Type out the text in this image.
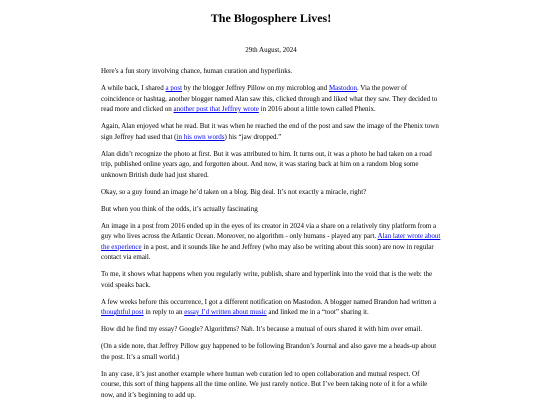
The Blogosphere Lives!
29th August, 2024

Here's a fun story involving chance, human curation and hyperlinks.

A while back, I shared a post by the blogger Jeffrey Pillow on my microblog and Mastodon. Via the power of coincidence or hashtag, another blogger named Alan saw this, clicked through and liked what they saw. They decided to read more and clicked on another post that Jeffrey wrote in 2016 about a little town called Phenix.

Again, Alan enjoyed what he read. But it was when he reached the end of the post and saw the image of the Phenix town sign Jeffrey had used that (in his own words) his “jaw dropped.”

Alan didn’t recognize the photo at first. But it was attributed to him. It turns out, it was a photo he had taken on a road trip, published online years ago, and forgotten about. And now, it was staring back at him on a random blog some unknown British dude had just shared.

Okay, so a guy found an image he’d taken on a blog. Big deal. It’s not exactly a miracle, right?

But when you think of the odds, it’s actually fascinating

An image in a post from 2016 ended up in the eyes of its creator in 2024 via a share on a relatively tiny platform from a guy who lives across the Atlantic Ocean. Moreover, no algorithm - only humans - played any part. Alan later wrote about the experience in a post, and it sounds like he and Jeffrey (who may also be writing about this soon) are now in regular contact via email.

To me, it shows what happens when you regularly write, publish, share and hyperlink into the void that is the web: the void speaks back.

A few weeks before this occurrence, I got a different notification on Mastodon. A blogger named Brandon had written a thoughtful post in reply to an essay I’d written about music and linked me in a “toot” sharing it.

How did he find my essay? Google? Algorithms? Nah. It’s because a mutual of ours shared it with him over email.

(On a side note, that Jeffrey Pillow guy happened to be following Brandon’s Journal and also gave me a heads-up about the post. It’s a small world.)

In any case, it’s just another example where human web curation led to open collaboration and mutual respect. Of course, this sort of thing happens all the time online. We just rarely notice. But I’ve been taking note of it for a while now, and it’s beginning to add up.
